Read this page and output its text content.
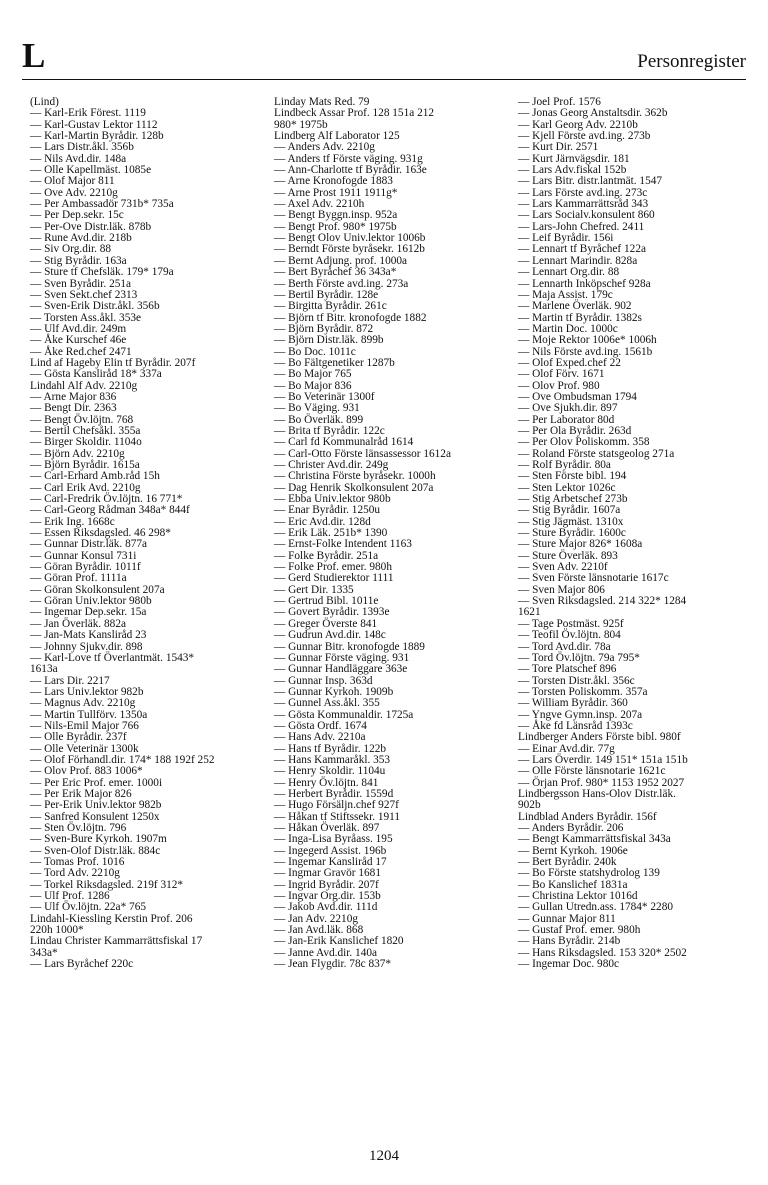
L	Personregister
(Lind)
— Karl-Erik Förest. 1119
— Karl-Gustav Lektor 1112
— Karl-Martin Byrådir. 128b
— Lars Distr.åkl. 356b
— Nils Avd.dir. 148a
— Olle Kapellmäst. 1085e
— Olof Major 811
— Ove Adv. 2210g
— Per Ambassadör 731b* 735a
— Per Dep.sekr. 15c
— Per-Ove Distr.läk. 878b
— Rune Avd.dir. 218b
— Siv Org.dir. 88
— Stig Byrådir. 163a
— Sture tf Chefsläk. 179* 179a
— Sven Byrådir. 251a
— Sven Sekt.chef 2313
— Sven-Erik Distr.åkl. 356b
— Torsten Ass.åkl. 353e
— Ulf Avd.dir. 249m
— Åke Kurschef 46e
— Åke Red.chef 2471
Lind af Hageby Elin tf Byrådir. 207f
— Gösta Kansliråd 18* 337a
Lindahl Alf Adv. 2210g
— Arne Major 836
— Bengt Dir. 2363
— Bengt Öv.löjtn. 768
— Bertil Chefsåkl. 355a
— Birger Skoldir. 1104o
— Björn Adv. 2210g
— Björn Byrådir. 1615a
— Carl-Erhard Amb.råd 15h
— Carl Erik Avd. 2210g
— Carl-Fredrik Öv.löjtn. 16 771*
— Carl-Georg Rådman 348a* 844f
— Erik Ing. 1668c
— Essen Riksdagsled. 46 298*
— Gunnar Distr.läk. 877a
— Gunnar Konsul 731i
— Göran Byrådir. 1011f
— Göran Prof. 1111a
— Göran Skolkonsulent 207a
— Göran Univ.lektor 980b
— Ingemar Dep.sekr. 15a
— Jan Överläk. 882a
— Jan-Mats Kanslіråd 23
— Johnny Sjukv.dir. 898
— Karl-Love tf Överlantmät. 1543*
1613a
— Lars Dir. 2217
— Lars Univ.lektor 982b
— Magnus Adv. 2210g
— Martin Tullförv. 1350a
— Nils-Emil Major 766
— Olle Byrådir. 237f
— Olle Veterinär 1300k
— Olof Förhandl.dir. 174* 188 192f 252
— Olov Prof. 883 1006*
— Per Eric Prof. emer. 1000i
— Per Erik Major 826
— Per-Erik Univ.lektor 982b
— Sanfred Konsulent 1250x
— Sten Öv.löjtn. 796
— Sven-Bure Kyrkoh. 1907m
— Sven-Olof Distr.läk. 884c
— Tomas Prof. 1016
— Tord Adv. 2210g
— Torkel Riksdagsled. 219f 312*
— Ulf Prof. 1286
— Ulf Öv.löjtn. 22a* 765
Lindahl-Kiessling Kerstin Prof. 206
220h 1000*
Lindau Christer Kammarrättsfiskal 17
343a*
— Lars Byråchef 220c
Linday Mats Red. 79
Lindbeck Assar Prof. 128 151a 212
980* 1975b
Lindberg Alf Laborator 125
— Anders Adv. 2210g
— Anders tf Förste väging. 931g
— Ann-Charlotte tf Byrådir. 163e
— Arne Kronofogde 1883
— Arne Prost 1911 1911g*
— Axel Adv. 2210h
— Bengt Byggn.insp. 952a
— Bengt Prof. 980* 1975b
— Bengt Olov Univ.lektor 1006b
— Berndt Förste byråsekr. 1612b
— Bernt Adjung. prof. 1000a
— Bert Byråchef 36 343a*
— Berth Förste avd.ing. 273a
— Bertil Byrådir. 128e
— Birgitta Byrådir. 261c
— Björn tf Bitr. kronofogde 1882
— Björn Byrådir. 872
— Björn Distr.läk. 899b
— Bo Doc. 1011c
— Bo Fältgenetiker 1287b
— Bo Major 765
— Bo Major 836
— Bo Veterinär 1300f
— Bo Väging. 931
— Bo Överläk. 899
— Brita tf Byrådir. 122c
— Carl fd Kommunalråd 1614
— Carl-Otto Förste länsassessor 1612a
— Christer Avd.dir. 249g
— Christina Förste byråsekr. 1000h
— Dag Henrik Skolkonsulent 207a
— Ebba Univ.lektor 980b
— Enar Byrådir. 1250u
— Eric Avd.dir. 128d
— Erik Läk. 251b* 1390
— Ernst-Folke Intendent 1163
— Folke Byrådir. 251a
— Folke Prof. emer. 980h
— Gerd Studierektor 1111
— Gert Dir. 1335
— Gertrud Bibl. 1011e
— Govert Byrådir. 1393e
— Greger Överste 841
— Gudrun Avd.dir. 148c
— Gunnar Bitr. kronofogde 1889
— Gunnar Förste väging. 931
— Gunnar Handläggare 363e
— Gunnar Insp. 363d
— Gunnar Kyrkoh. 1909b
— Gunnel Ass.åkl. 355
— Gösta Kommunaldir. 1725a
— Gösta Ordf. 1674
— Hans Adv. 2210a
— Hans tf Byrådir. 122b
— Hans Kammaråkl. 353
— Henry Skoldir. 1104u
— Henry Öv.löjtn. 841
— Herbert Byrådir. 1559d
— Hugo Försäljn.chef 927f
— Håkan tf Stiftssekr. 1911
— Håkan Överläk. 897
— Inga-Lisa Byråass. 195
— Ingegerd Assist. 196b
— Ingemar Kanslіråd 17
— Ingmar Gravör 1681
— Ingrid Byrådir. 207f
— Ingvar Org.dir. 153b
— Jakob Avd.dir. 111d
— Jan Adv. 2210g
— Jan Avd.läk. 868
— Jan-Erik Kanslichef 1820
— Janne Avd.dir. 140a
— Jean Flygdir. 78c 837*
— Joel Prof. 1576
— Jonas Georg Anstaltsdir. 362b
— Karl Georg Adv. 2210b
— Kjell Förste avd.ing. 273b
— Kurt Dir. 2571
— Kurt Järnvägsdir. 181
— Lars Adv.fiskal 152b
— Lars Bitr. distr.lantmät. 1547
— Lars Förste avd.ing. 273c
— Lars Kammarrättsråd 343
— Lars Socialv.konsulent 860
— Lars-John Chefred. 2411
— Leif Byrådir. 156i
— Lennart tf Byråchef 122a
— Lennart Marindir. 828a
— Lennart Org.dir. 88
— Lennarth Inköpschef 928a
— Maja Assist. 179c
— Marlene Överläk. 902
— Martin tf Byrådir. 1382s
— Martin Doc. 1000c
— Moje Rektor 1006e* 1006h
— Nils Förste avd.ing. 1561b
— Olof Exped.chef 22
— Olof Förv. 1671
— Olov Prof. 980
— Ove Ombudsman 1794
— Ove Sjukh.dir. 897
— Per Laborator 80d
— Per Ola Byrådir. 263d
— Per Olov Poliskomm. 358
— Roland Förste statsgeolog 271a
— Rolf Byrådir. 80a
— Sten Förste bibl. 194
— Sten Lektor 1026c
— Stig Arbetschef 273b
— Stig Byrådir. 1607a
— Stig Jägmäst. 1310x
— Sture Byrådir. 1600c
— Sture Major 826* 1608a
— Sture Överläk. 893
— Sven Adv. 2210f
— Sven Förste länsnotarie 1617c
— Sven Major 806
— Sven Riksdagsled. 214 322* 1284
1621
— Tage Postmäst. 925f
— Teofil Öv.löjtn. 804
— Tord Avd.dir. 78a
— Tord Öv.löjtn. 79a 795*
— Tore Platschef 896
— Torsten Distr.åkl. 356c
— Torsten Poliskomm. 357a
— William Byrådir. 360
— Yngve Gymn.insp. 207a
— Åke fd Länsråd 1393c
Lindberger Anders Förste bibl. 980f
— Einar Avd.dir. 77g
— Lars Överdir. 149 151* 151a 151b
— Olle Förste länsnotarie 1621c
— Örjan Prof. 980* 1153 1952 2027
Lindbergsson Hans-Olov Distr.läk.
902b
Lindblad Anders Byrådir. 156f
— Anders Byrådir. 206
— Bengt Kammarrättsfiskal 343a
— Bernt Kyrkoh. 1906e
— Bert Byrådir. 240k
— Bo Förste statshydrolog 139
— Bo Kanslichef 1831a
— Christina Lektor 1016d
— Gullan Utredn.ass. 1784* 2280
— Gunnar Major 811
— Gustaf Prof. emer. 980h
— Hans Byrådir. 214b
— Hans Riksdagsled. 153 320* 2502
— Ingemar Doc. 980c
1204
